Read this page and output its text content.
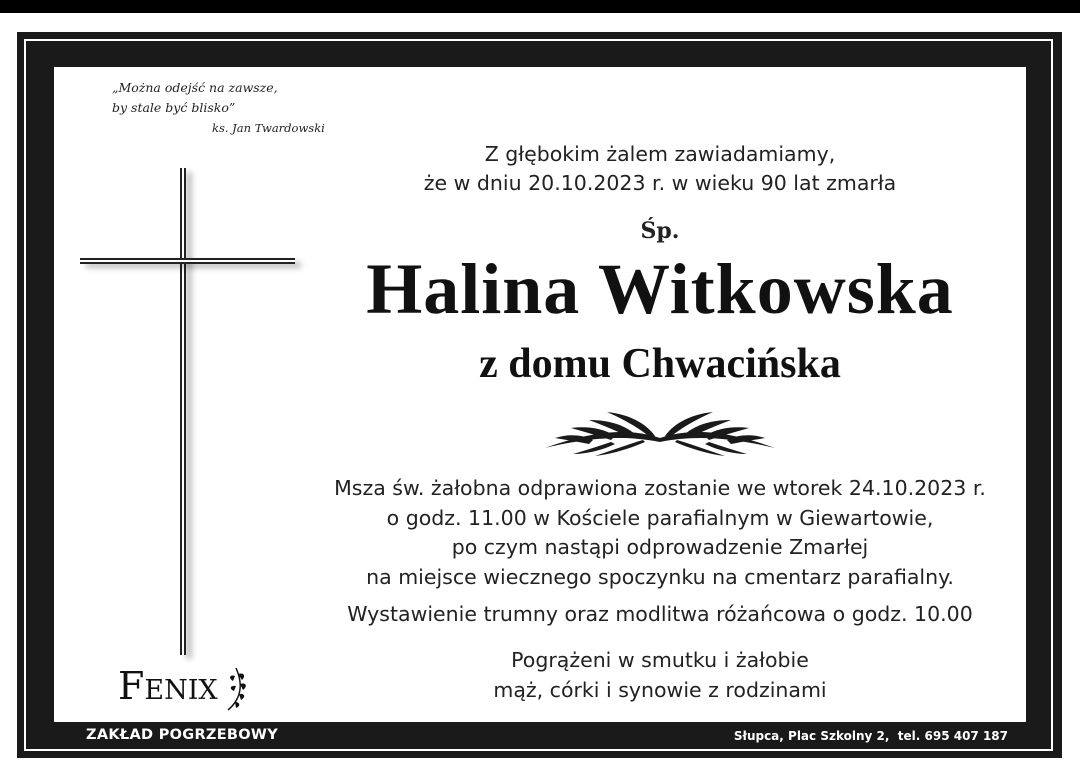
„Można odejść na zawsze,
by stale być blisko”
ks. Jan Twardowski
Z głębokim żalem zawiadamiamy,
że w dniu 20.10.2023 r. w wieku 90 lat zmarła
Śp.
Halina Witkowska
z domu Chwacińska
Msza św. żałobna odprawiona zostanie we wtorek 24.10.2023 r.
o godz. 11.00 w Kościele parafialnym w Giewartowie,
po czym nastąpi odprowadzenie Zmarłej
na miejsce wiecznego spoczynku na cmentarz parafialny.
Wystawienie trumny oraz modlitwa różańcowa o godz. 10.00
Pogrążeni w smutku i żałobie
mąż, córki i synowie z rodzinami
FENIX
ZAKŁAD POGRZEBOWY	Słupca, Plac Szkolny 2,  tel. 695 407 187
